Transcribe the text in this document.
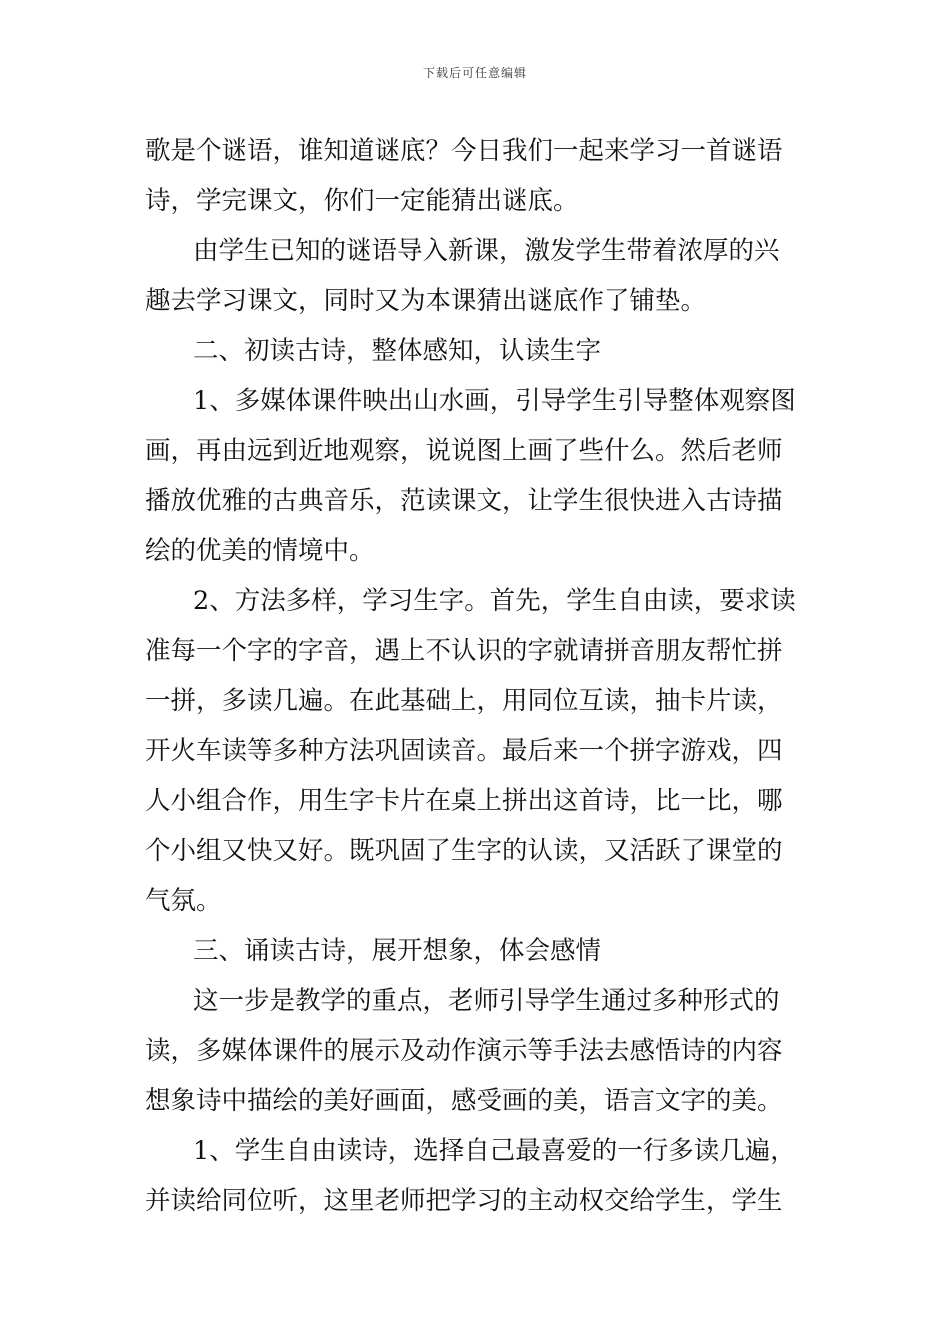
下载后可任意编辑
歌是个谜语，谁知道谜底？今日我们一起来学习一首谜语
诗，学完课文，你们一定能猜出谜底。
由学生已知的谜语导入新课，激发学生带着浓厚的兴
趣去学习课文，同时又为本课猜出谜底作了铺垫。
二、初读古诗，整体感知，认读生字
1、多媒体课件映出山水画，引导学生引导整体观察图
画，再由远到近地观察，说说图上画了些什么。然后老师
播放优雅的古典音乐，范读课文，让学生很快进入古诗描
绘的优美的情境中。
2、方法多样，学习生字。首先，学生自由读，要求读
准每一个字的字音，遇上不认识的字就请拼音朋友帮忙拼
一拼，多读几遍。在此基础上，用同位互读，抽卡片读，
开火车读等多种方法巩固读音。最后来一个拼字游戏，四
人小组合作，用生字卡片在桌上拼出这首诗，比一比，哪
个小组又快又好。既巩固了生字的认读，又活跃了课堂的
气氛。
三、诵读古诗，展开想象，体会感情
这一步是教学的重点，老师引导学生通过多种形式的
读，多媒体课件的展示及动作演示等手法去感悟诗的内容
想象诗中描绘的美好画面，感受画的美，语言文字的美。
1、学生自由读诗，选择自己最喜爱的一行多读几遍，
并读给同位听，这里老师把学习的主动权交给学生，学生
